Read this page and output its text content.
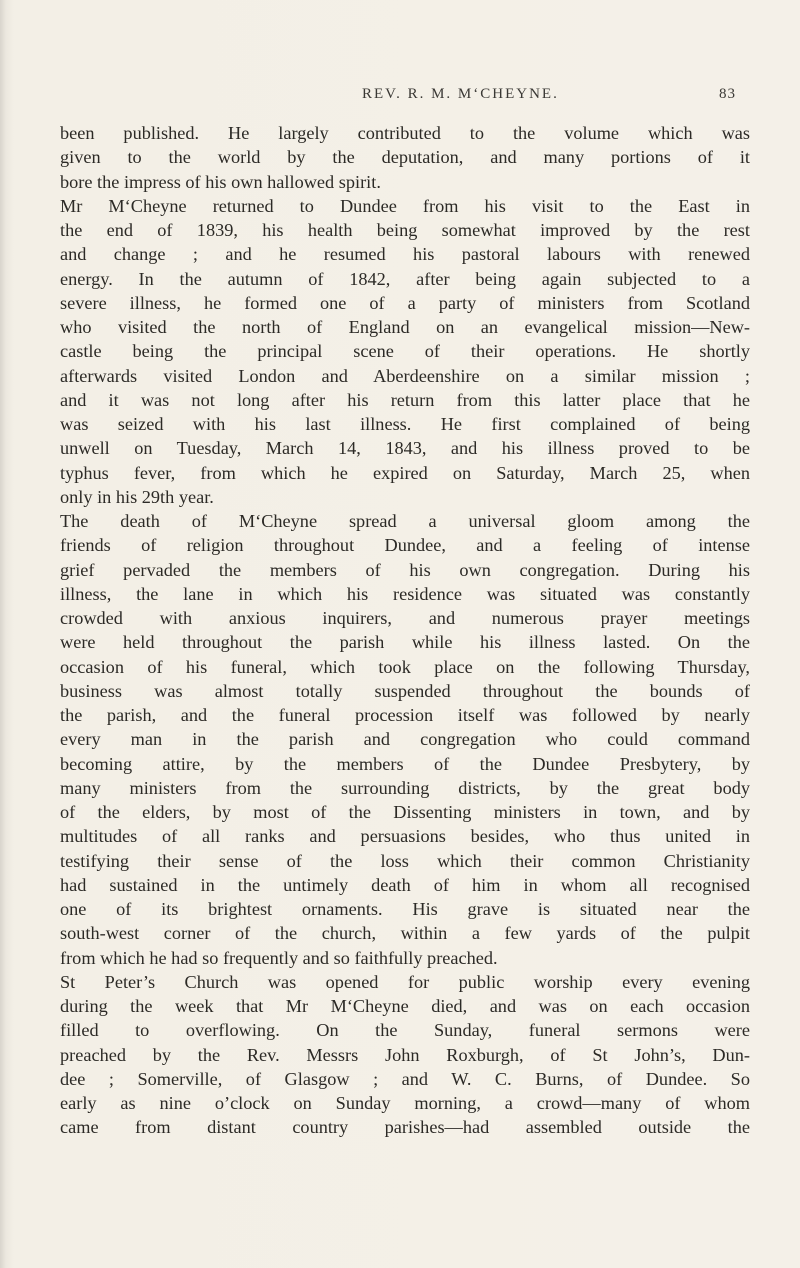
REV. R. M. M‘CHEYNE.	83
been published. He largely contributed to the volume which was
given to the world by the deputation, and many portions of it
bore the impress of his own hallowed spirit.
Mr M‘Cheyne returned to Dundee from his visit to the East in
the end of 1839, his health being somewhat improved by the rest
and change ; and he resumed his pastoral labours with renewed
energy. In the autumn of 1842, after being again subjected to a
severe illness, he formed one of a party of ministers from Scotland
who visited the north of England on an evangelical mission—New-
castle being the principal scene of their operations. He shortly
afterwards visited London and Aberdeenshire on a similar mission ;
and it was not long after his return from this latter place that he
was seized with his last illness. He first complained of being
unwell on Tuesday, March 14, 1843, and his illness proved to be
typhus fever, from which he expired on Saturday, March 25, when
only in his 29th year.
The death of M‘Cheyne spread a universal gloom among the
friends of religion throughout Dundee, and a feeling of intense
grief pervaded the members of his own congregation. During his
illness, the lane in which his residence was situated was constantly
crowded with anxious inquirers, and numerous prayer meetings
were held throughout the parish while his illness lasted. On the
occasion of his funeral, which took place on the following Thursday,
business was almost totally suspended throughout the bounds of
the parish, and the funeral procession itself was followed by nearly
every man in the parish and congregation who could command
becoming attire, by the members of the Dundee Presbytery, by
many ministers from the surrounding districts, by the great body
of the elders, by most of the Dissenting ministers in town, and by
multitudes of all ranks and persuasions besides, who thus united in
testifying their sense of the loss which their common Christianity
had sustained in the untimely death of him in whom all recognised
one of its brightest ornaments. His grave is situated near the
south-west corner of the church, within a few yards of the pulpit
from which he had so frequently and so faithfully preached.
St Peter’s Church was opened for public worship every evening
during the week that Mr M‘Cheyne died, and was on each occasion
filled to overflowing. On the Sunday, funeral sermons were
preached by the Rev. Messrs John Roxburgh, of St John’s, Dun-
dee ; Somerville, of Glasgow ; and W. C. Burns, of Dundee. So
early as nine o’clock on Sunday morning, a crowd—many of whom
came from distant country parishes—had assembled outside the
